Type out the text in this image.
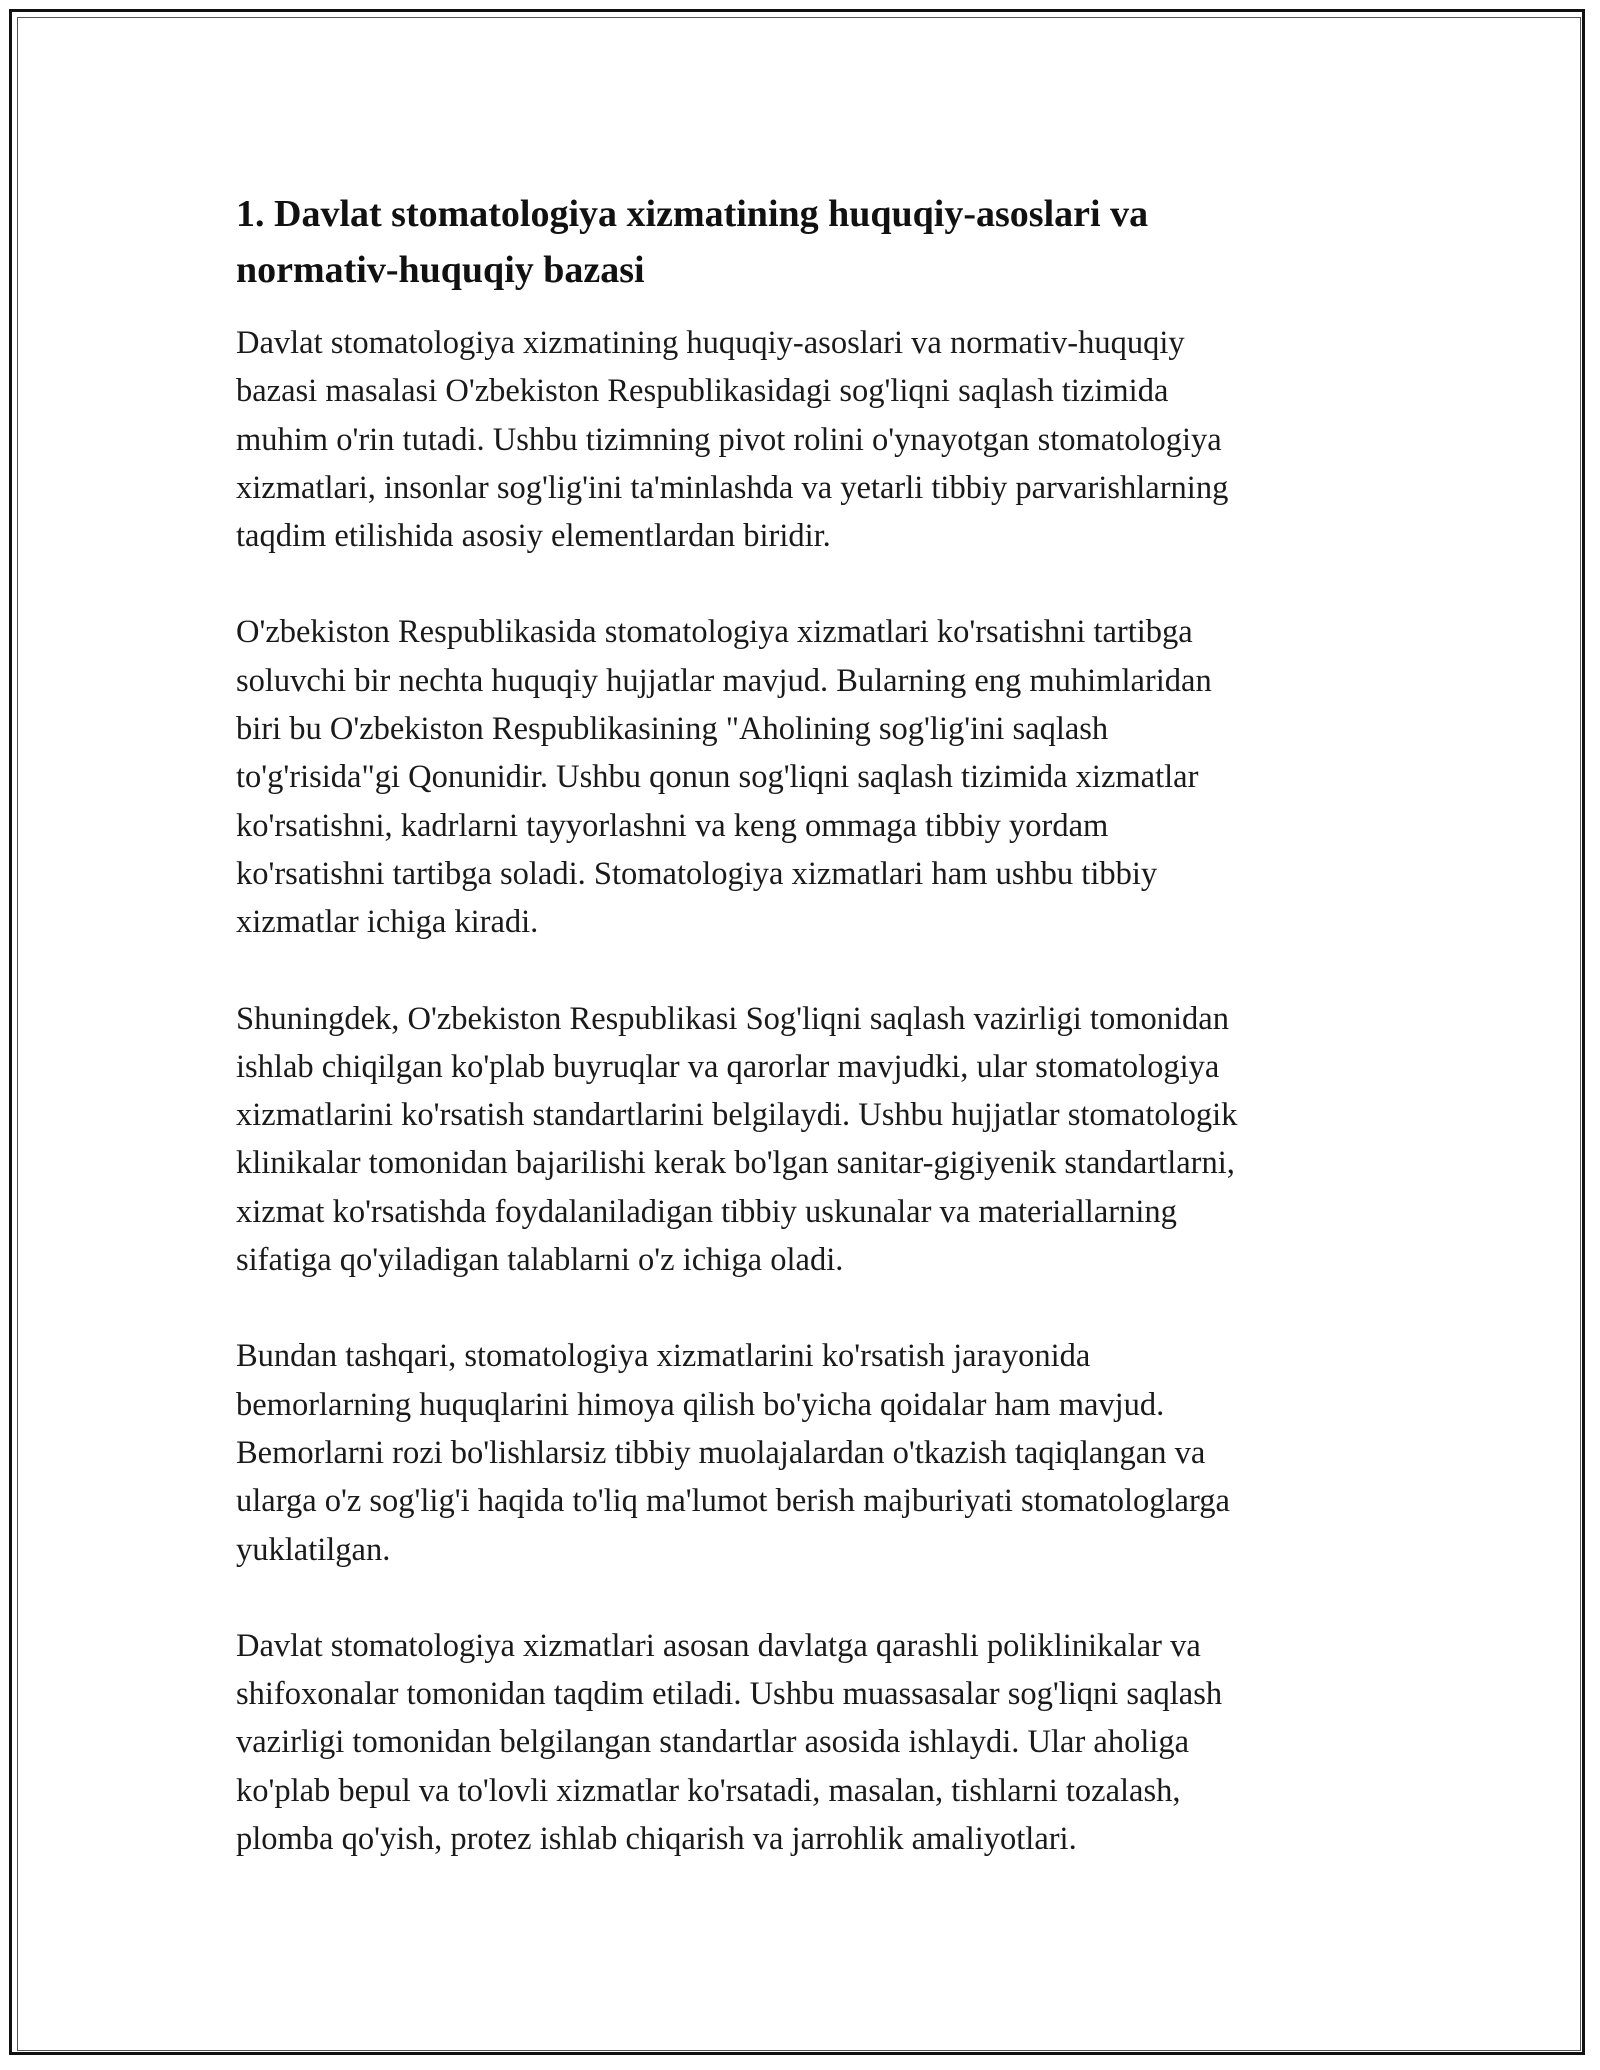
1. Davlat stomatologiya xizmatining huquqiy-asoslari va
normativ-huquqiy bazasi

Davlat stomatologiya xizmatining huquqiy-asoslari va normativ-huquqiy
bazasi masalasi O'zbekiston Respublikasidagi sog'liqni saqlash tizimida
muhim o'rin tutadi. Ushbu tizimning pivot rolini o'ynayotgan stomatologiya
xizmatlari, insonlar sog'lig'ini ta'minlashda va yetarli tibbiy parvarishlarning
taqdim etilishida asosiy elementlardan biridir.

O'zbekiston Respublikasida stomatologiya xizmatlari ko'rsatishni tartibga
soluvchi bir nechta huquqiy hujjatlar mavjud. Bularning eng muhimlaridan
biri bu O'zbekiston Respublikasining "Aholining sog'lig'ini saqlash
to'g'risida"gi Qonunidir. Ushbu qonun sog'liqni saqlash tizimida xizmatlar
ko'rsatishni, kadrlarni tayyorlashni va keng ommaga tibbiy yordam
ko'rsatishni tartibga soladi. Stomatologiya xizmatlari ham ushbu tibbiy
xizmatlar ichiga kiradi.

Shuningdek, O'zbekiston Respublikasi Sog'liqni saqlash vazirligi tomonidan
ishlab chiqilgan ko'plab buyruqlar va qarorlar mavjudki, ular stomatologiya
xizmatlarini ko'rsatish standartlarini belgilaydi. Ushbu hujjatlar stomatologik
klinikalar tomonidan bajarilishi kerak bo'lgan sanitar-gigiyenik standartlarni,
xizmat ko'rsatishda foydalaniladigan tibbiy uskunalar va materiallarning
sifatiga qo'yiladigan talablarni o'z ichiga oladi.

Bundan tashqari, stomatologiya xizmatlarini ko'rsatish jarayonida
bemorlarning huquqlarini himoya qilish bo'yicha qoidalar ham mavjud.
Bemorlarni rozi bo'lishlarsiz tibbiy muolajalardan o'tkazish taqiqlangan va
ularga o'z sog'lig'i haqida to'liq ma'lumot berish majburiyati stomatologlarga
yuklatilgan.

Davlat stomatologiya xizmatlari asosan davlatga qarashli poliklinikalar va
shifoxonalar tomonidan taqdim etiladi. Ushbu muassasalar sog'liqni saqlash
vazirligi tomonidan belgilangan standartlar asosida ishlaydi. Ular aholiga
ko'plab bepul va to'lovli xizmatlar ko'rsatadi, masalan, tishlarni tozalash,
plomba qo'yish, protez ishlab chiqarish va jarrohlik amaliyotlari.
